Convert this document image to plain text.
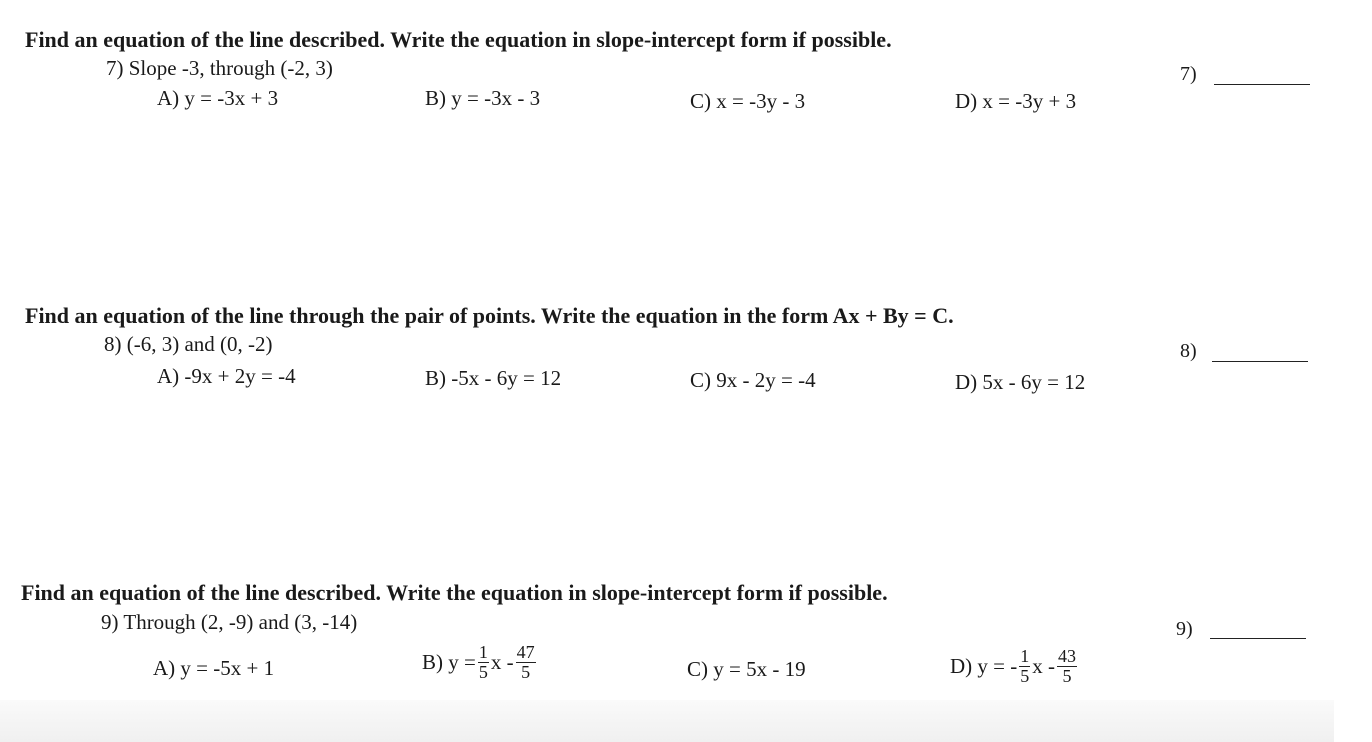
Find an equation of the line described. Write the equation in slope-intercept form if possible.
7) Slope -3, through (-2, 3)
A) y = -3x + 3	B) y = -3x - 3	C) x = -3y - 3	D) x = -3y + 3
7)
Find an equation of the line through the pair of points. Write the equation in the form Ax + By = C.
8) (-6, 3) and (0, -2)
A) -9x + 2y = -4	B) -5x - 6y = 12	C) 9x - 2y = -4	D) 5x - 6y = 12
8)
Find an equation of the line described. Write the equation in slope-intercept form if possible.
9) Through (2, -9) and (3, -14)
A) y = -5x + 1	B) $y = \frac{1}{5}$ x - $\frac{47}{5}$	C) y = 5x - 19	D) y = - $\frac{1}{5}$ x - $\frac{43}{5}$
9)
